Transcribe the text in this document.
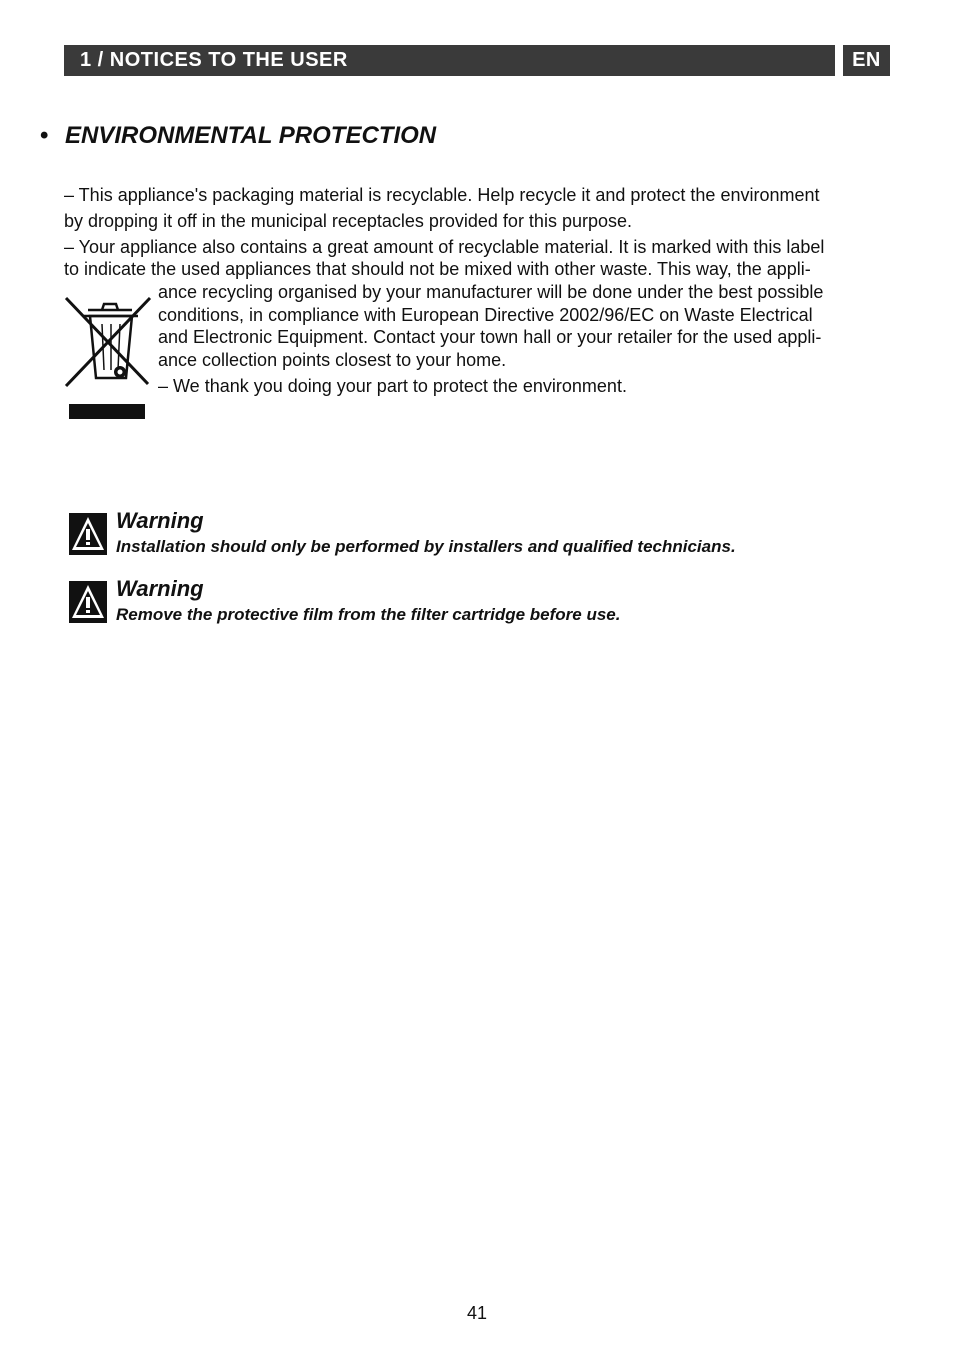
1 / NOTICES TO THE USER	EN
• ENVIRONMENTAL PROTECTION
– This appliance's packaging material is recyclable. Help recycle it and protect the environment
by dropping it off in the municipal receptacles provided for this purpose.
– Your appliance also contains a great amount of recyclable material. It is marked with this label
to indicate the used appliances that should not be mixed with other waste. This way, the appli-
ance recycling organised by your manufacturer will be done under the best possible
conditions, in compliance with European Directive 2002/96/EC on Waste Electrical
and Electronic Equipment. Contact your town hall or your retailer for the used appli-
ance collection points closest to your home.
– We thank you doing your part to protect the environment.
Warning
Installation should only be performed by installers and qualified technicians.
Warning
Remove the protective film from the filter cartridge before use.
41
